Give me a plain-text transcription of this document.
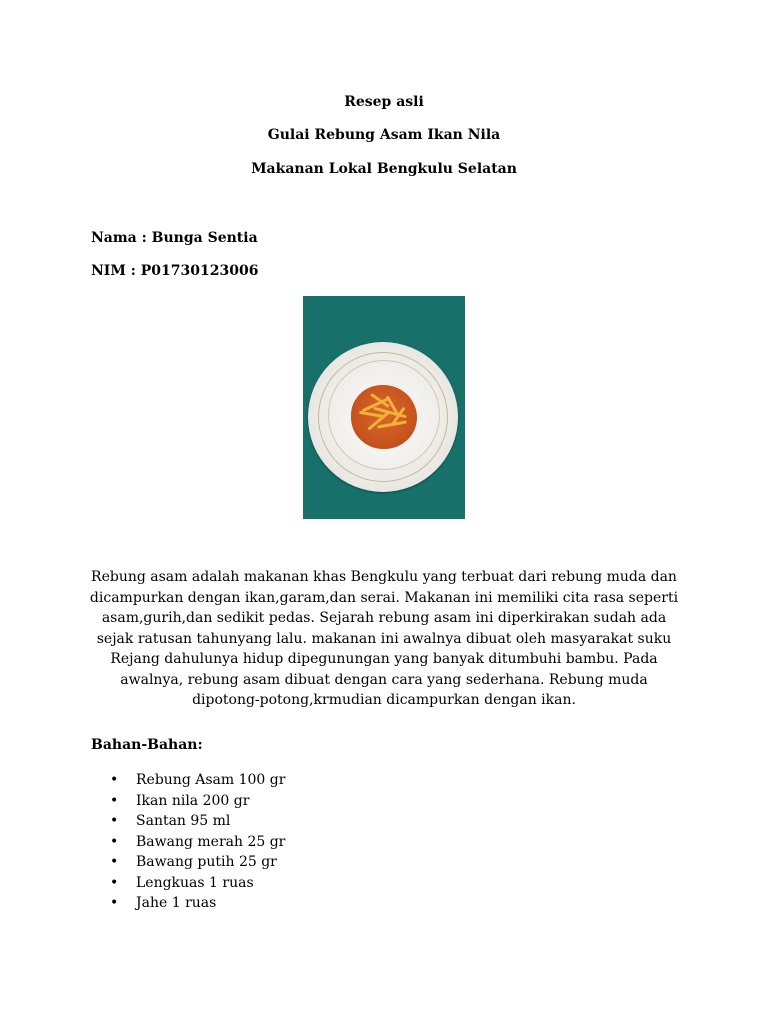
Resep asli
Gulai Rebung Asam Ikan Nila
Makanan Lokal Bengkulu Selatan
Nama : Bunga Sentia
NIM : P01730123006
Rebung asam adalah makanan khas Bengkulu yang terbuat dari rebung muda dan dicampurkan dengan ikan,garam,dan serai. Makanan ini memiliki cita rasa seperti asam,gurih,dan sedikit pedas. Sejarah rebung asam ini diperkirakan sudah ada sejak ratusan tahunyang lalu. makanan ini awalnya dibuat oleh masyarakat suku Rejang dahulunya hidup dipegunungan yang banyak ditumbuhi bambu. Pada awalnya, rebung asam dibuat dengan cara yang sederhana. Rebung muda dipotong-potong,krmudian dicampurkan dengan ikan.
Bahan-Bahan:
• Rebung Asam 100 gr
• Ikan nila 200 gr
• Santan 95 ml
• Bawang merah 25 gr
• Bawang putih 25 gr
• Lengkuas 1 ruas
• Jahe 1 ruas
